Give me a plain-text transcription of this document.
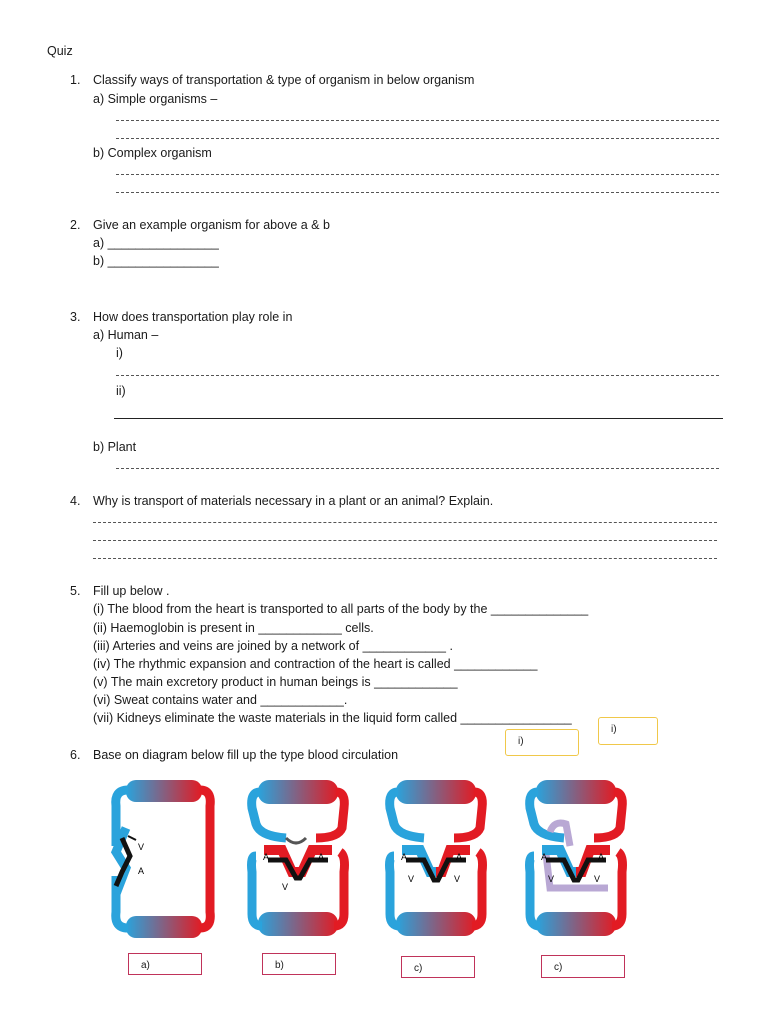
Quiz
1. Classify ways of transportation & type of organism in below organism
a) Simple organisms –
b) Complex organism
2. Give an example organism for above a & b
a) ________________
b) ________________
3. How does transportation play role in
a) Human –
i)
ii)
b) Plant
4. Why is transport of materials necessary in a plant or an animal? Explain.
5. Fill up below .
(i) The blood from the heart is transported to all parts of the body by the ______________
(ii) Haemoglobin is present in ____________ cells.
(iii) Arteries and veins are joined by a network of ____________ .
(iv) The rhythmic expansion and contraction of the heart is called ____________
(v) The main excretory product in human beings is ____________
(vi) Sweat contains water and ____________.
(vii) Kidneys eliminate the waste materials in the liquid form called ________________
i)
i)
6. Base on diagram below fill up the type blood circulation
V
A
A	A
V
A	A
V	V
A	A
V	V
a)	b)	c)	c)
